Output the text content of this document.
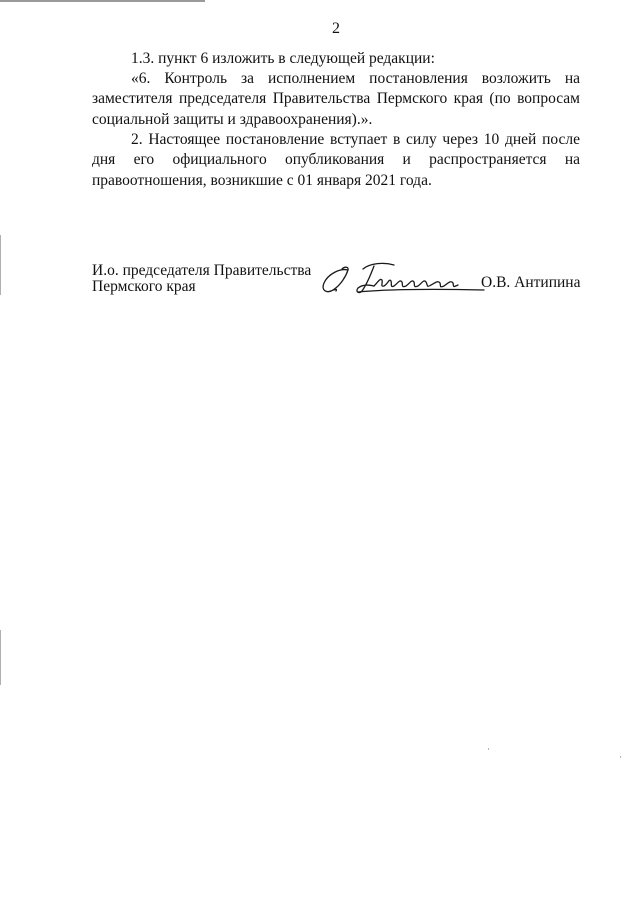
2

1.3. пункт 6 изложить в следующей редакции:

«6. Контроль за исполнением постановления возложить на заместителя председателя Правительства Пермского края (по вопросам социальной защиты и здравоохранения).».

2. Настоящее постановление вступает в силу через 10 дней после дня его официального опубликования и распространяется на правоотношения, возникшие с 01 января 2021 года.

И.о. председателя Правительства
Пермского края	О.В. Антипина
